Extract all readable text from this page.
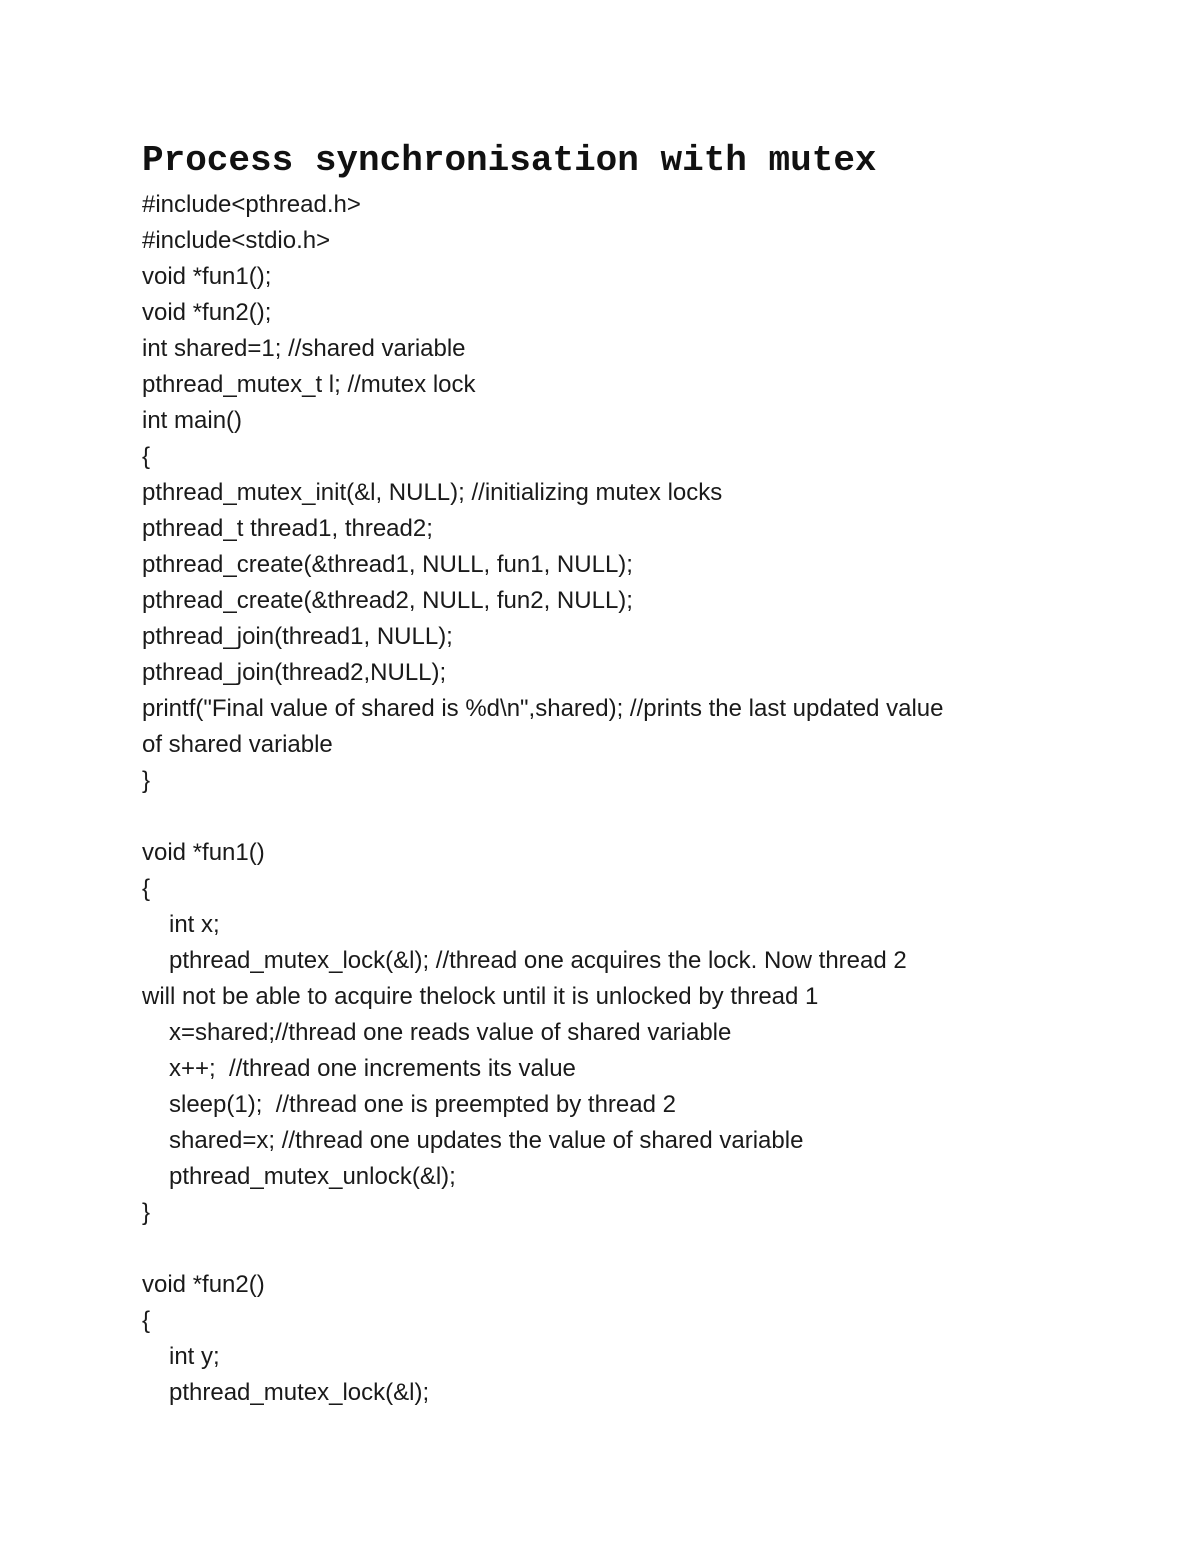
Process synchronisation with mutex
#include<pthread.h>
#include<stdio.h>
void *fun1();
void *fun2();
int shared=1; //shared variable
pthread_mutex_t l; //mutex lock
int main()
{
pthread_mutex_init(&l, NULL); //initializing mutex locks
pthread_t thread1, thread2;
pthread_create(&thread1, NULL, fun1, NULL);
pthread_create(&thread2, NULL, fun2, NULL);
pthread_join(thread1, NULL);
pthread_join(thread2,NULL);
printf("Final value of shared is %d\n",shared); //prints the last updated value
of shared variable
}
void *fun1()
{
int x;
pthread_mutex_lock(&l); //thread one acquires the lock. Now thread 2
will not be able to acquire thelock until it is unlocked by thread 1
x=shared;//thread one reads value of shared variable
x++;  //thread one increments its value
sleep(1);  //thread one is preempted by thread 2
shared=x; //thread one updates the value of shared variable
pthread_mutex_unlock(&l);
}
void *fun2()
{
int y;
pthread_mutex_lock(&l);
